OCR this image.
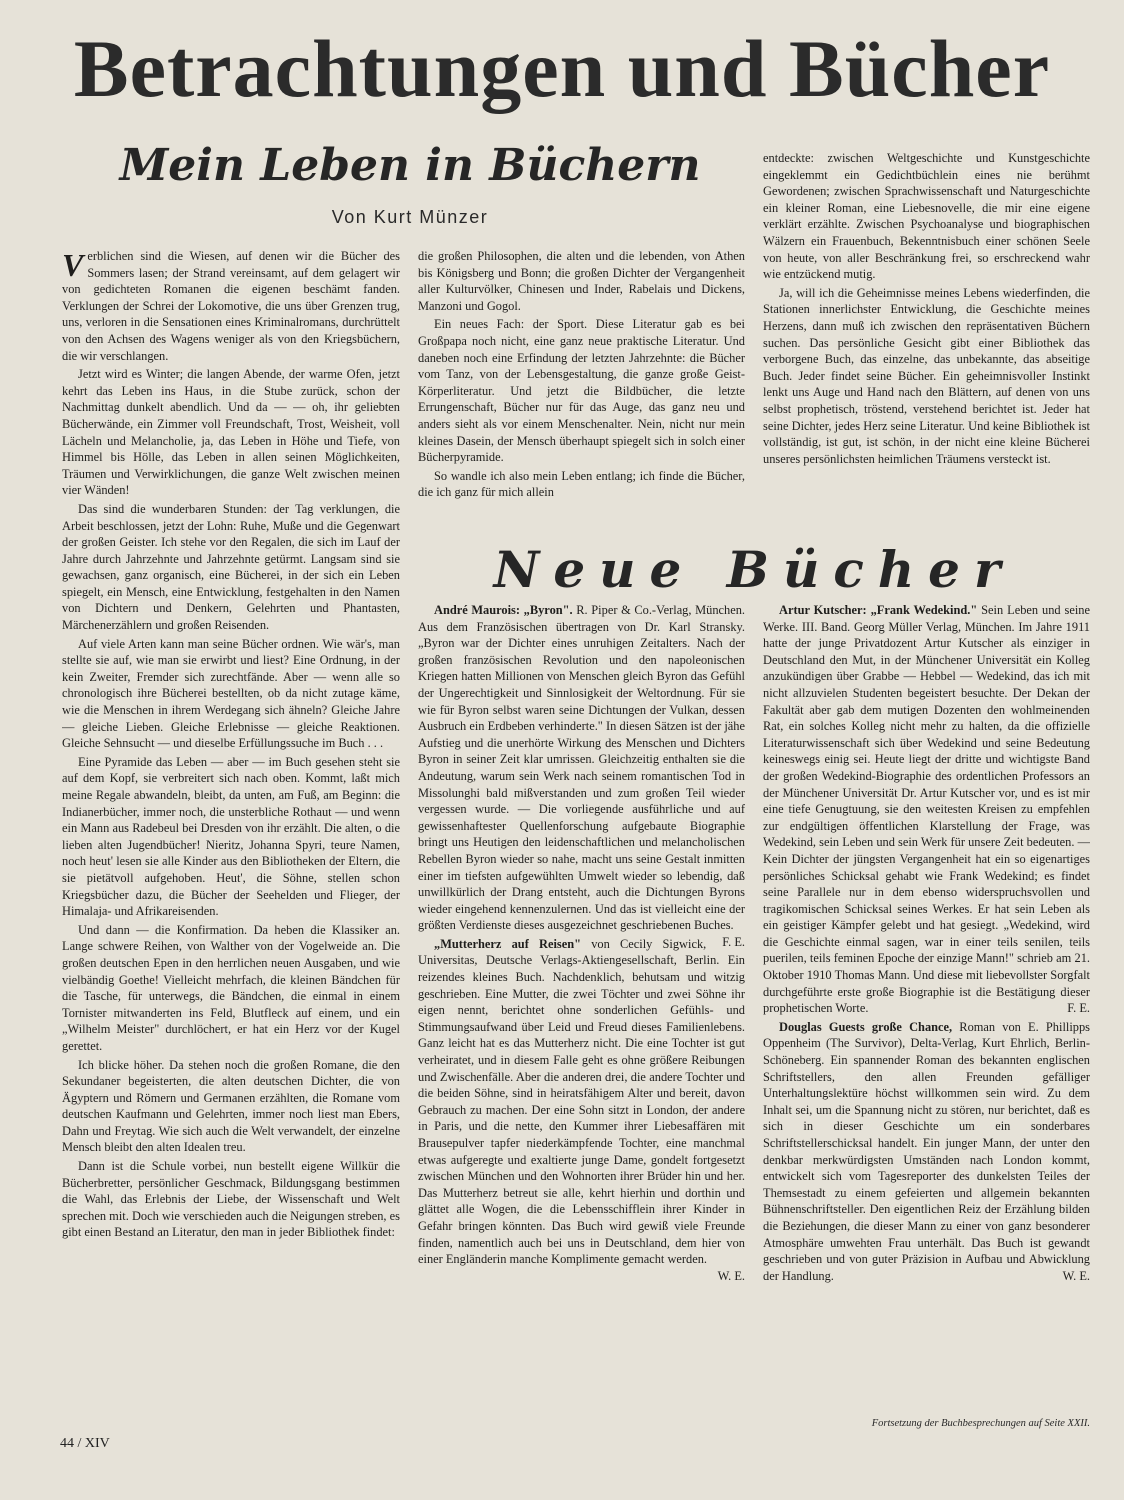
Betrachtungen und Bücher
Mein Leben in Büchern
Von Kurt Münzer

Verblichen sind die Wiesen, auf denen wir die Bücher des Sommers lasen; der Strand vereinsamt, auf dem gelagert wir von gedichteten Romanen die eigenen beschämt fanden. Verklungen der Schrei der Lokomotive, die uns über Grenzen trug, uns, verloren in die Sensationen eines Kriminalromans, durchrüttelt von den Achsen des Wagens weniger als von den Kriegsbüchern, die wir verschlangen.

Jetzt wird es Winter; die langen Abende, der warme Ofen, jetzt kehrt das Leben ins Haus, in die Stube zurück, schon der Nachmittag dunkelt abendlich. Und da — — oh, ihr geliebten Bücherwände, ein Zimmer voll Freundschaft, Trost, Weisheit, voll Lächeln und Melancholie, ja, das Leben in Höhe und Tiefe, von Himmel bis Hölle, das Leben in allen seinen Möglichkeiten, Träumen und Verwirklichungen, die ganze Welt zwischen meinen vier Wänden!

Das sind die wunderbaren Stunden: der Tag verklungen, die Arbeit beschlossen, jetzt der Lohn: Ruhe, Muße und die Gegenwart der großen Geister. Ich stehe vor den Regalen, die sich im Lauf der Jahre durch Jahrzehnte und Jahrzehnte getürmt. Langsam sind sie gewachsen, ganz organisch, eine Bücherei, in der sich ein Leben spiegelt, ein Mensch, eine Entwicklung, festgehalten in den Namen von Dichtern und Denkern, Gelehrten und Phantasten, Märchenerzählern und großen Reisenden.

Auf viele Arten kann man seine Bücher ordnen. Wie wär's, man stellte sie auf, wie man sie erwirbt und liest? Eine Ordnung, in der kein Zweiter, Fremder sich zurechtfände. Aber — wenn alle so chronologisch ihre Bücherei bestellten, ob da nicht zutage käme, wie die Menschen in ihrem Werdegang sich ähneln? Gleiche Jahre — gleiche Lieben. Gleiche Erlebnisse — gleiche Reaktionen. Gleiche Sehnsucht — und dieselbe Erfüllungssuche im Buch . . .

Eine Pyramide das Leben — aber — im Buch gesehen steht sie auf dem Kopf, sie verbreitert sich nach oben. Kommt, laßt mich meine Regale abwandeln, bleibt, da unten, am Fuß, am Beginn: die Indianerbücher, immer noch, die unsterbliche Rothaut — und wenn ein Mann aus Radebeul bei Dresden von ihr erzählt. Die alten, o die lieben alten Jugendbücher! Nieritz, Johanna Spyri, teure Namen, noch heut' lesen sie alle Kinder aus den Bibliotheken der Eltern, die sie pietätvoll aufgehoben. Heut', die Söhne, stellen schon Kriegsbücher dazu, die Bücher der Seehelden und Flieger, der Himalaja- und Afrikareisenden.

Und dann — die Konfirmation. Da heben die Klassiker an. Lange schwere Reihen, von Walther von der Vogelweide an. Die großen deutschen Epen in den herrlichen neuen Ausgaben, und wie vielbändig Goethe! Vielleicht mehrfach, die kleinen Bändchen für die Tasche, für unterwegs, die Bändchen, die einmal in einem Tornister mitwanderten ins Feld, Blutfleck auf einem, und ein „Wilhelm Meister" durchlöchert, er hat ein Herz vor der Kugel gerettet.

Ich blicke höher. Da stehen noch die großen Romane, die den Sekundaner begeisterten, die alten deutschen Dichter, die von Ägyptern und Römern und Germanen erzählten, die Romane vom deutschen Kaufmann und Gelehrten, immer noch liest man Ebers, Dahn und Freytag. Wie sich auch die Welt verwandelt, der einzelne Mensch bleibt den alten Idealen treu.

Dann ist die Schule vorbei, nun bestellt eigene Willkür die Bücherbretter, persönlicher Geschmack, Bildungsgang bestimmen die Wahl, das Erlebnis der Liebe, der Wissenschaft und Welt sprechen mit. Doch wie verschieden auch die Neigungen streben, es gibt einen Bestand an Literatur, den man in jeder Bibliothek findet:

die großen Philosophen, die alten und die lebenden, von Athen bis Königsberg und Bonn; die großen Dichter der Vergangenheit aller Kulturvölker, Chinesen und Inder, Rabelais und Dickens, Manzoni und Gogol.

Ein neues Fach: der Sport. Diese Literatur gab es bei Großpapa noch nicht, eine ganz neue praktische Literatur. Und daneben noch eine Erfindung der letzten Jahrzehnte: die Bücher vom Tanz, von der Lebensgestaltung, die ganze große Geist-Körperliteratur. Und jetzt die Bildbücher, die letzte Errungenschaft, Bücher nur für das Auge, das ganz neu und anders sieht als vor einem Menschenalter. Nein, nicht nur mein kleines Dasein, der Mensch überhaupt spiegelt sich in solch einer Bücherpyramide.

So wandle ich also mein Leben entlang; ich finde die Bücher, die ich ganz für mich allein

entdeckte: zwischen Weltgeschichte und Kunstgeschichte eingeklemmt ein Gedichtbüchlein eines nie berühmt Gewordenen; zwischen Sprachwissenschaft und Naturgeschichte ein kleiner Roman, eine Liebesnovelle, die mir eine eigene verklärt erzählte. Zwischen Psychoanalyse und biographischen Wälzern ein Frauenbuch, Bekenntnisbuch einer schönen Seele von heute, von aller Beschränkung frei, so erschreckend wahr wie entzückend mutig.

Ja, will ich die Geheimnisse meines Lebens wiederfinden, die Stationen innerlichster Entwicklung, die Geschichte meines Herzens, dann muß ich zwischen den repräsentativen Büchern suchen. Das persönliche Gesicht gibt einer Bibliothek das verborgene Buch, das einzelne, das unbekannte, das abseitige Buch. Jeder findet seine Bücher. Ein geheimnisvoller Instinkt lenkt uns Auge und Hand nach den Blättern, auf denen von uns selbst prophetisch, tröstend, verstehend berichtet ist. Jeder hat seine Dichter, jedes Herz seine Literatur. Und keine Bibliothek ist vollständig, ist gut, ist schön, in der nicht eine kleine Bücherei unseres persönlichsten heimlichen Träumens versteckt ist.

Neue Bücher

André Maurois: „Byron". R. Piper & Co.-Verlag, München. Aus dem Französischen übertragen von Dr. Karl Stransky. „Byron war der Dichter eines unruhigen Zeitalters. Nach der großen französischen Revolution und den napoleonischen Kriegen hatten Millionen von Menschen gleich Byron das Gefühl der Ungerechtigkeit und Sinnlosigkeit der Weltordnung. Für sie wie für Byron selbst waren seine Dichtungen der Vulkan, dessen Ausbruch ein Erdbeben verhinderte." In diesen Sätzen ist der jähe Aufstieg und die unerhörte Wirkung des Menschen und Dichters Byron in seiner Zeit klar umrissen. Gleichzeitig enthalten sie die Andeutung, warum sein Werk nach seinem romantischen Tod in Missolunghi bald mißverstanden und zum großen Teil wieder vergessen wurde. — Die vorliegende ausführliche und auf gewissenhaftester Quellenforschung aufgebaute Biographie bringt uns Heutigen den leidenschaftlichen und melancholischen Rebellen Byron wieder so nahe, macht uns seine Gestalt inmitten einer im tiefsten aufgewühlten Umwelt wieder so lebendig, daß unwillkürlich der Drang entsteht, auch die Dichtungen Byrons wieder eingehend kennenzulernen. Und das ist vielleicht eine der größten Verdienste dieses ausgezeichnet geschriebenen Buches.
F. E.

„Mutterherz auf Reisen" von Cecily Sigwick, Universitas, Deutsche Verlags-Aktiengesellschaft, Berlin. Ein reizendes kleines Buch. Nachdenklich, behutsam und witzig geschrieben. Eine Mutter, die zwei Töchter und zwei Söhne ihr eigen nennt, berichtet ohne sonderlichen Gefühls- und Stimmungsaufwand über Leid und Freud dieses Familienlebens. Ganz leicht hat es das Mutterherz nicht. Die eine Tochter ist gut verheiratet, und in diesem Falle geht es ohne größere Reibungen und Zwischenfälle. Aber die anderen drei, die andere Tochter und die beiden Söhne, sind in heiratsfähigem Alter und bereit, davon Gebrauch zu machen. Der eine Sohn sitzt in London, der andere in Paris, und die nette, den Kummer ihrer Liebesaffären mit Brausepulver tapfer niederkämpfende Tochter, eine manchmal etwas aufgeregte und exaltierte junge Dame, gondelt fortgesetzt zwischen München und den Wohnorten ihrer Brüder hin und her. Das Mutterherz betreut sie alle, kehrt hierhin und dorthin und glättet alle Wogen, die die Lebensschifflein ihrer Kinder in Gefahr bringen könnten. Das Buch wird gewiß viele Freunde finden, namentlich auch bei uns in Deutschland, dem hier von einer Engländerin manche Komplimente gemacht werden.
W. E.

Artur Kutscher: „Frank Wedekind." Sein Leben und seine Werke. III. Band. Georg Müller Verlag, München. Im Jahre 1911 hatte der junge Privatdozent Artur Kutscher als einziger in Deutschland den Mut, in der Münchener Universität ein Kolleg anzukündigen über Grabbe — Hebbel — Wedekind, das ich mit nicht allzuvielen Studenten begeistert besuchte. Der Dekan der Fakultät aber gab dem mutigen Dozenten den wohlmeinenden Rat, ein solches Kolleg nicht mehr zu halten, da die offizielle Literaturwissenschaft sich über Wedekind und seine Bedeutung keineswegs einig sei. Heute liegt der dritte und wichtigste Band der großen Wedekind-Biographie des ordentlichen Professors an der Münchener Universität Dr. Artur Kutscher vor, und es ist mir eine tiefe Genugtuung, sie den weitesten Kreisen zu empfehlen zur endgültigen öffentlichen Klarstellung der Frage, was Wedekind, sein Leben und sein Werk für unsere Zeit bedeuten. — Kein Dichter der jüngsten Vergangenheit hat ein so eigenartiges persönliches Schicksal gehabt wie Frank Wedekind; es findet seine Parallele nur in dem ebenso widerspruchsvollen und tragikomischen Schicksal seines Werkes. Er hat sein Leben als ein geistiger Kämpfer gelebt und hat gesiegt. „Wedekind, wird die Geschichte einmal sagen, war in einer teils senilen, teils puerilen, teils feminen Epoche der einzige Mann!" schrieb am 21. Oktober 1910 Thomas Mann. Und diese mit liebevollster Sorgfalt durchgeführte erste große Biographie ist die Bestätigung dieser prophetischen Worte.	F. E.

Douglas Guests große Chance, Roman von E. Phillipps Oppenheim (The Survivor), Delta-Verlag, Kurt Ehrlich, Berlin-Schöneberg. Ein spannender Roman des bekannten englischen Schriftstellers, den allen Freunden gefälliger Unterhaltungslektüre höchst willkommen sein wird. Zu dem Inhalt sei, um die Spannung nicht zu stören, nur berichtet, daß es sich in dieser Geschichte um ein sonderbares Schriftstellerschicksal handelt. Ein junger Mann, der unter den denkbar merkwürdigsten Umständen nach London kommt, entwickelt sich vom Tagesreporter des dunkelsten Teiles der Themsestadt zu einem gefeierten und allgemein bekannten Bühnenschriftsteller. Den eigentlichen Reiz der Erzählung bilden die Beziehungen, die dieser Mann zu einer von ganz besonderer Atmosphäre umwehten Frau unterhält. Das Buch ist gewandt geschrieben und von guter Präzision in Aufbau und Abwicklung der Handlung.	W. E.

Fortsetzung der Buchbesprechungen auf Seite XXII.
44 / XIV
